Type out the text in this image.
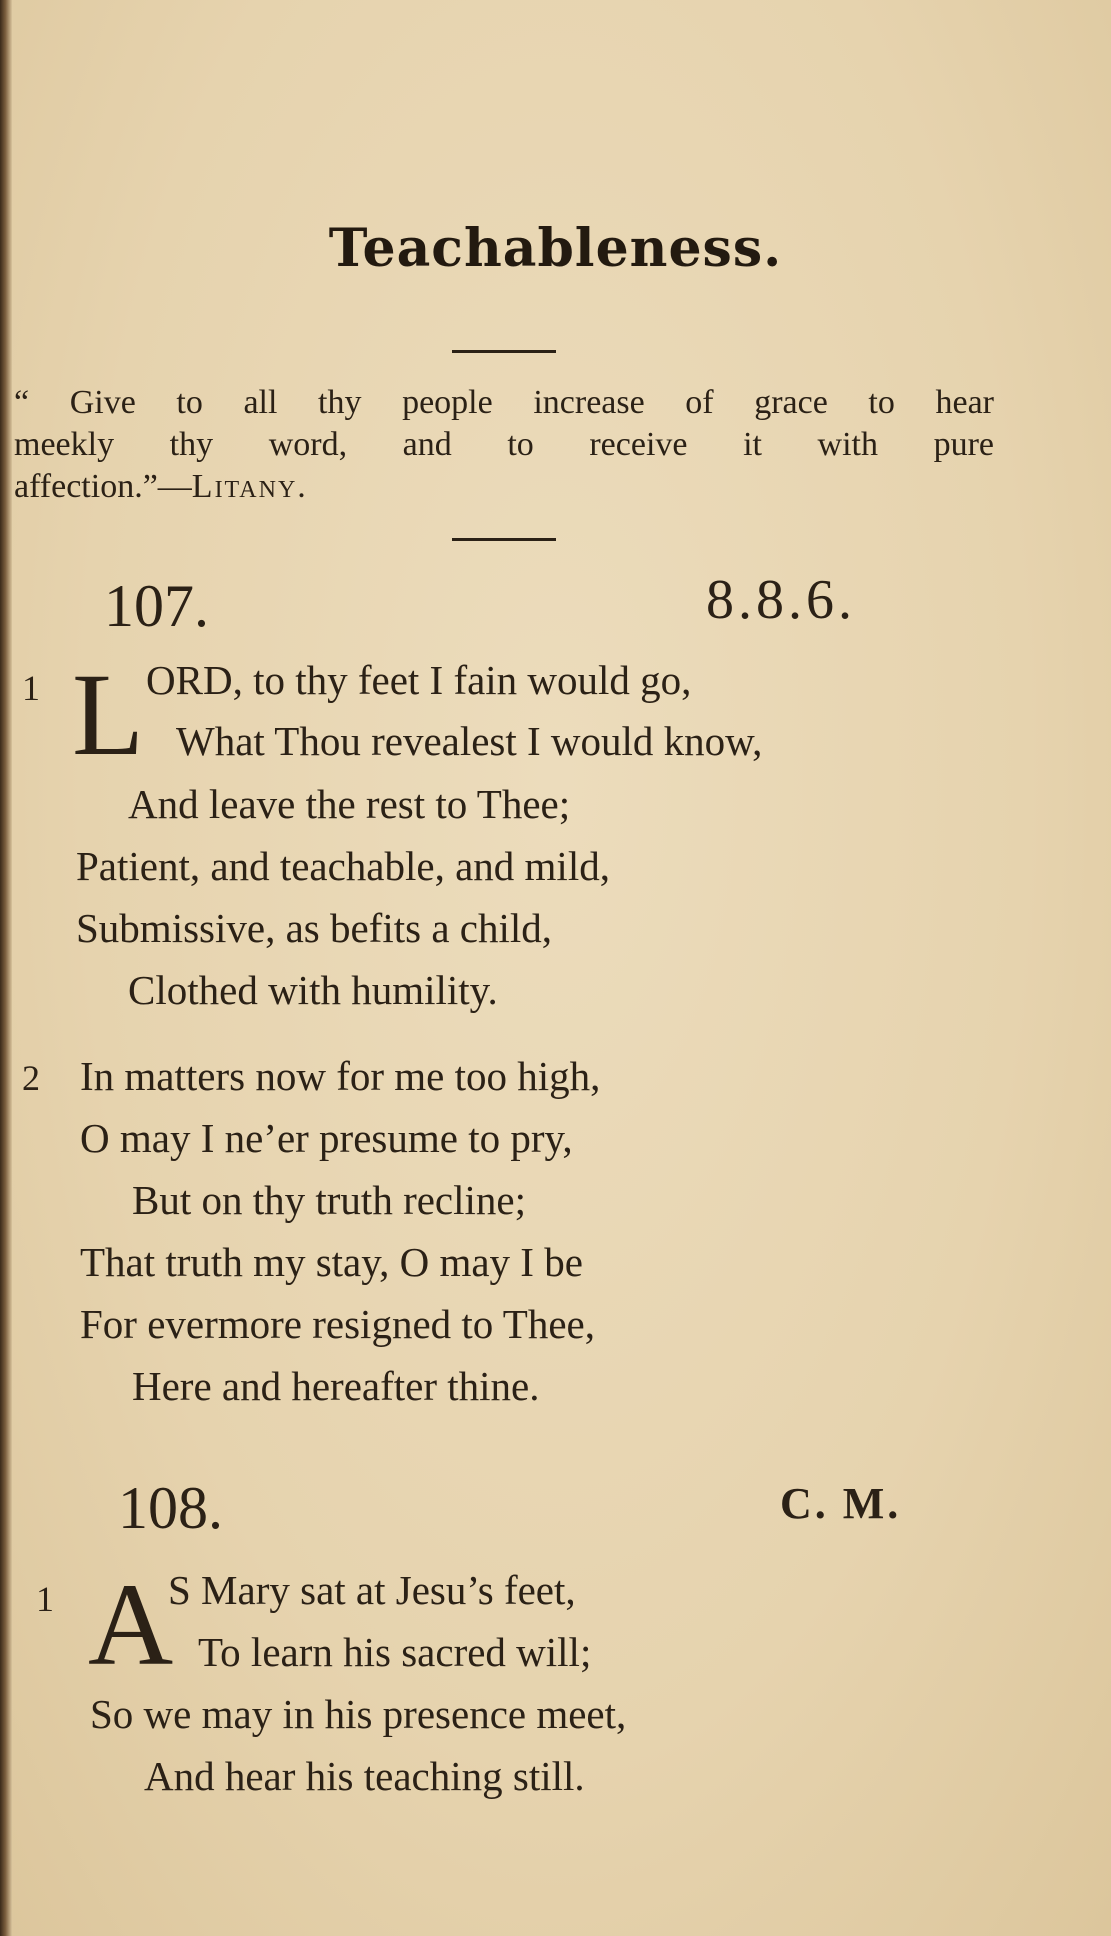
Teachableness.
“ Give to all thy people increase of grace to hear
meekly thy word, and to receive it with pure
affection.”—Litany.
107.	8.8.6.
1 L ORD, to thy feet I fain would go,
What Thou revealest I would know,
And leave the rest to Thee;
Patient, and teachable, and mild,
Submissive, as befits a child,
Clothed with humility.
2 In matters now for me too high,
O may I ne’er presume to pry,
But on thy truth recline;
That truth my stay, O may I be
For evermore resigned to Thee,
Here and hereafter thine.
108.	C. M.
1 A
S Mary sat at Jesu’s feet,
To learn his sacred will;
So we may in his presence meet,
And hear his teaching still.
